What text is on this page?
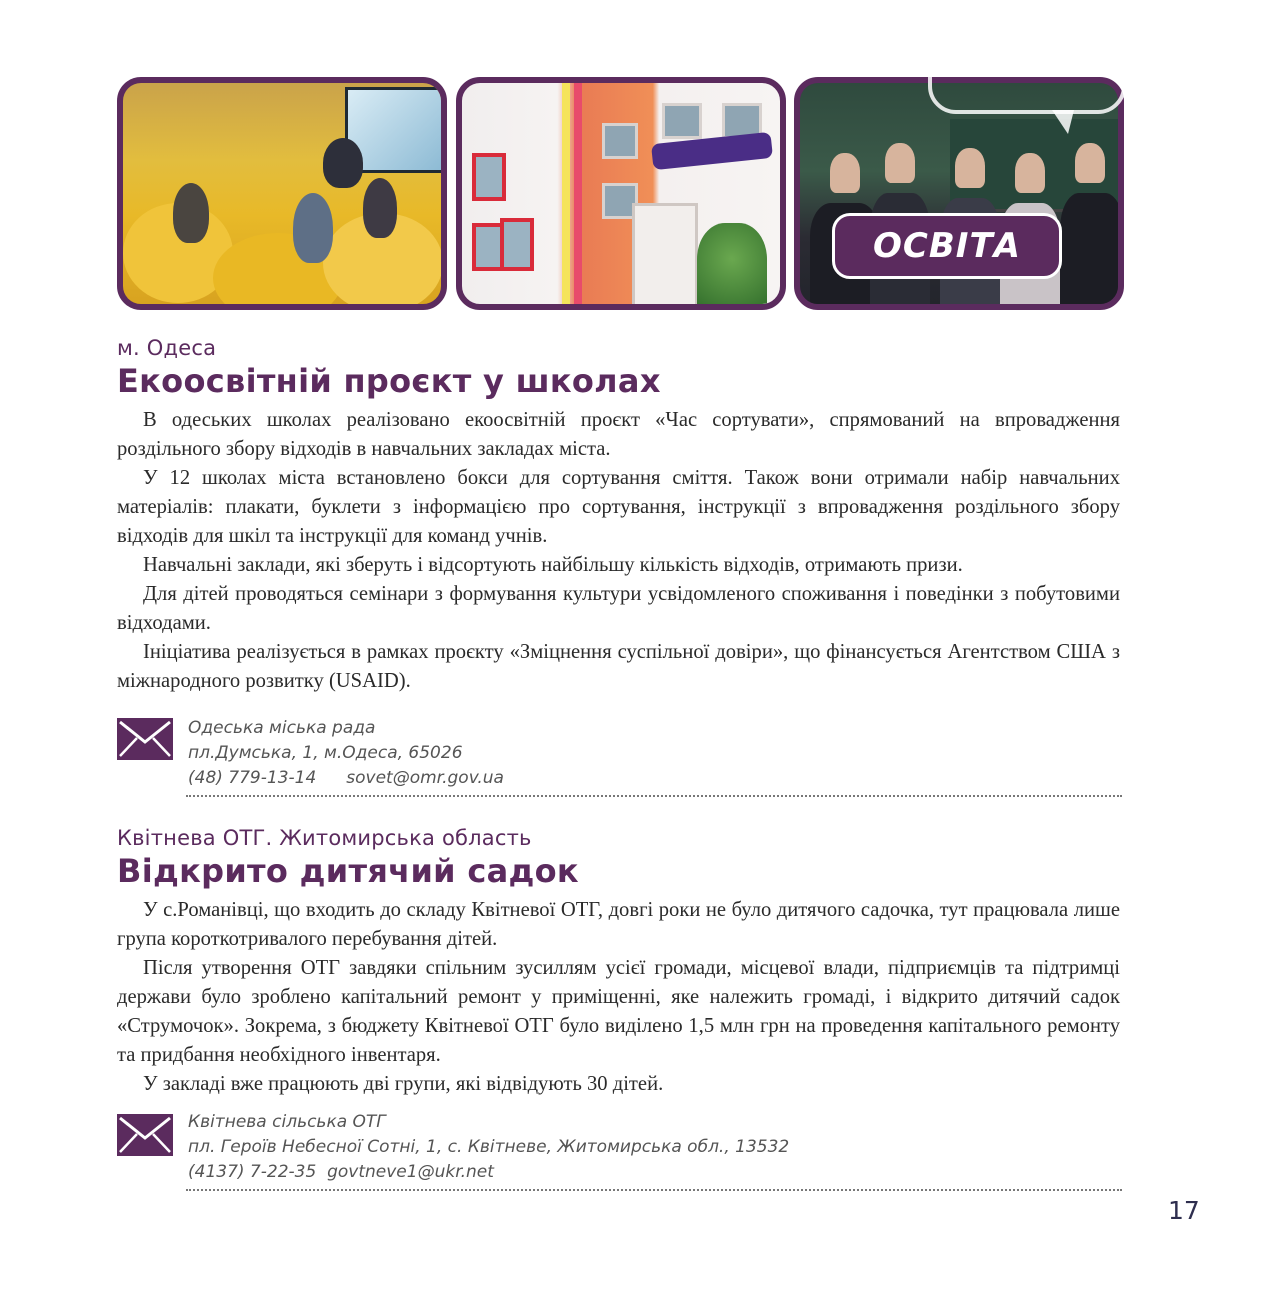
ОСВІТА
м. Одеса
Екоосвітній проєкт у школах

В одеських школах реалізовано екоосвітній проєкт «Час сортувати», спрямований на впровадження роздільного збору відходів в навчальних закладах міста.

У 12 школах міста встановлено бокси для сортування сміття. Також вони отримали набір навчальних матеріалів: плакати, буклети з інформацією про сортування, інструкції з впровадження роздільного збору відходів для шкіл та інструкції для команд учнів.

Навчальні заклади, які зберуть і відсортують найбільшу кількість відходів, отримають призи.

Для дітей проводяться семінари з формування культури усвідомленого споживання і поведінки з побутовими відходами.

Ініціатива реалізується в рамках проєкту «Зміцнення суспільної довіри», що фінансується Агентством США з міжнародного розвитку (USAID).

Одеська міська рада
пл.Думська, 1, м.Одеса, 65026
(48) 779-13-14 sovet@omr.gov.ua
Квітнева ОТГ. Житомирська область
Відкрито дитячий садок

У с.Романівці, що входить до складу Квітневої ОТГ, довгі роки не було дитячого садочка, тут працювала лише група короткотривалого перебування дітей.

Після утворення ОТГ завдяки спільним зусиллям усієї громади, місцевої влади, підприємців та підтримці держави було зроблено капітальний ремонт у приміщенні, яке належить громаді, і відкрито дитячий садок «Струмочок». Зокрема, з бюджету Квітневої ОТГ було виділено 1,5 млн грн на проведення капітального ремонту та придбання необхідного інвентаря.

У закладі вже працюють дві групи, які відвідують 30 дітей.

Квітнева сільська ОТГ
пл. Героїв Небесної Сотні, 1, с. Квітневе, Житомирська обл., 13532
(4137) 7-22-35 govtneve1@ukr.net
17
